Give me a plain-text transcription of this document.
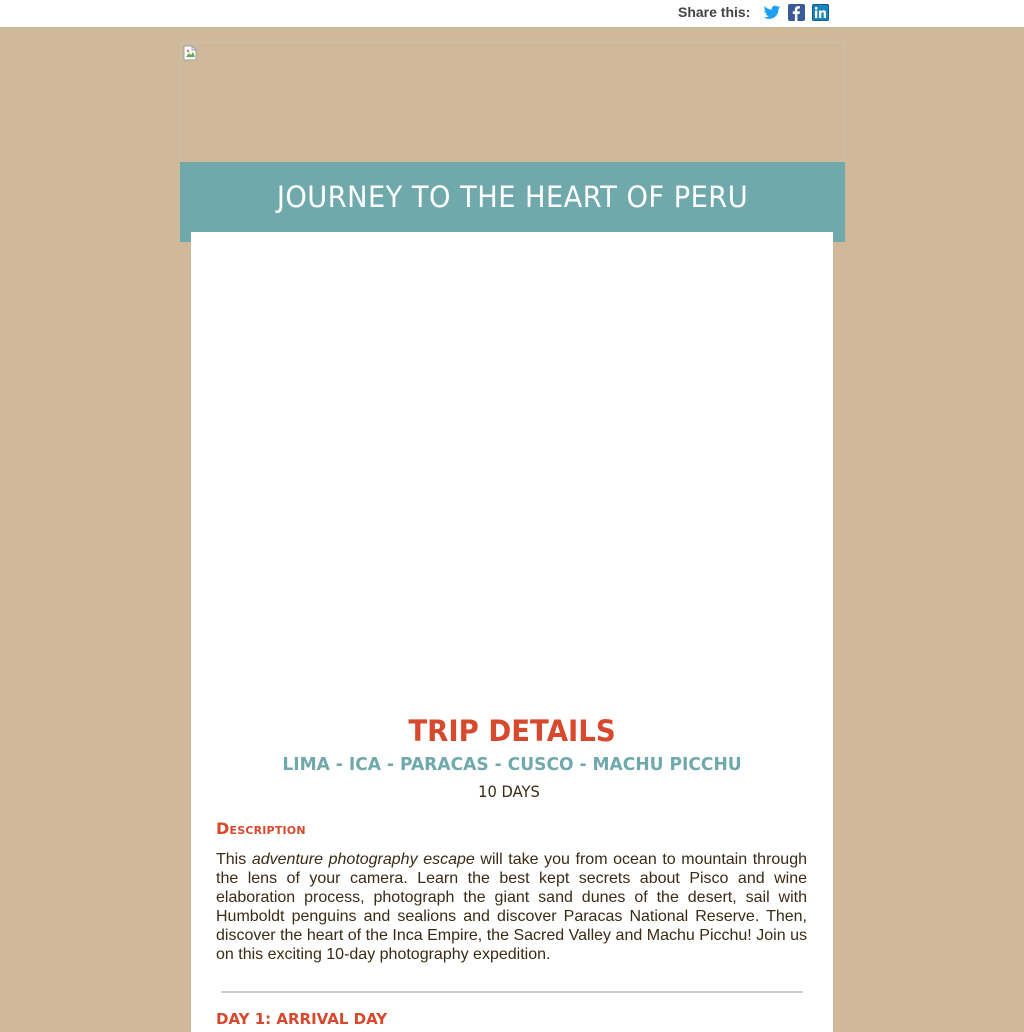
Share this:
JOURNEY TO THE HEART OF PERU
TRIP DETAILS
LIMA - ICA - PARACAS - CUSCO - MACHU PICCHU
10 DAYS
Description
This adventure photography escape will take you from ocean to mountain through the lens of your camera. Learn the best kept secrets about Pisco and wine elaboration process, photograph the giant sand dunes of the desert, sail with Humboldt penguins and sealions and discover Paracas National Reserve. Then, discover the heart of the Inca Empire, the Sacred Valley and Machu Picchu! Join us on this exciting 10-day photography expedition.
DAY 1: ARRIVAL DAY
